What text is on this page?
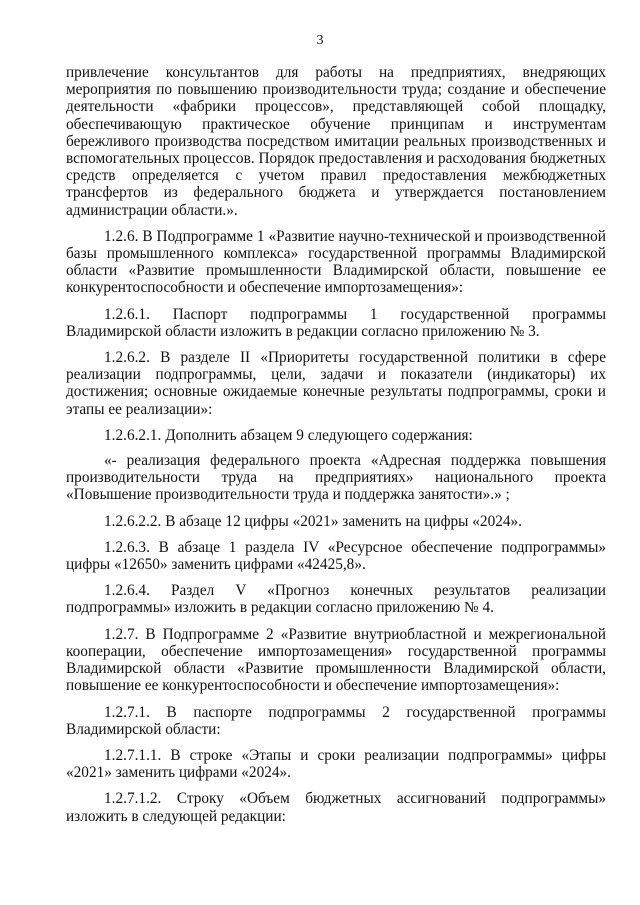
3

привлечение консультантов для работы на предприятиях, внедряющих мероприятия по повышению производительности труда; создание и обеспечение деятельности «фабрики процессов», представляющей собой площадку, обеспечивающую практическое обучение принципам и инструментам бережливого производства посредством имитации реальных производственных и вспомогательных процессов. Порядок предоставления и расходования бюджетных средств определяется с учетом правил предоставления межбюджетных трансфертов из федерального бюджета и утверждается постановлением администрации области.».

1.2.6. В Подпрограмме 1 «Развитие научно-технической и производственной базы промышленного комплекса» государственной программы Владимирской области «Развитие промышленности Владимирской области, повышение ее конкурентоспособности и обеспечение импортозамещения»:

1.2.6.1. Паспорт подпрограммы 1 государственной программы Владимирской области изложить в редакции согласно приложению № 3.

1.2.6.2. В разделе II «Приоритеты государственной политики в сфере реализации подпрограммы, цели, задачи и показатели (индикаторы) их достижения; основные ожидаемые конечные результаты подпрограммы, сроки и этапы ее реализации»:

1.2.6.2.1. Дополнить абзацем 9 следующего содержания:

«- реализация федерального проекта «Адресная поддержка повышения производительности труда на предприятиях» национального проекта «Повышение производительности труда и поддержка занятости».» ;

1.2.6.2.2. В абзаце 12 цифры «2021» заменить на цифры «2024».

1.2.6.3. В абзаце 1 раздела IV «Ресурсное обеспечение подпрограммы» цифры «12650» заменить цифрами «42425,8».

1.2.6.4. Раздел V «Прогноз конечных результатов реализации подпрограммы» изложить в редакции согласно приложению № 4.

1.2.7. В Подпрограмме 2 «Развитие внутриобластной и межрегиональной кооперации, обеспечение импортозамещения» государственной программы Владимирской области «Развитие промышленности Владимирской области, повышение ее конкурентоспособности и обеспечение импортозамещения»:

1.2.7.1. В паспорте подпрограммы 2 государственной программы Владимирской области:

1.2.7.1.1. В строке «Этапы и сроки реализации подпрограммы» цифры «2021» заменить цифрами «2024».

1.2.7.1.2. Строку «Объем бюджетных ассигнований подпрограммы» изложить в следующей редакции:
